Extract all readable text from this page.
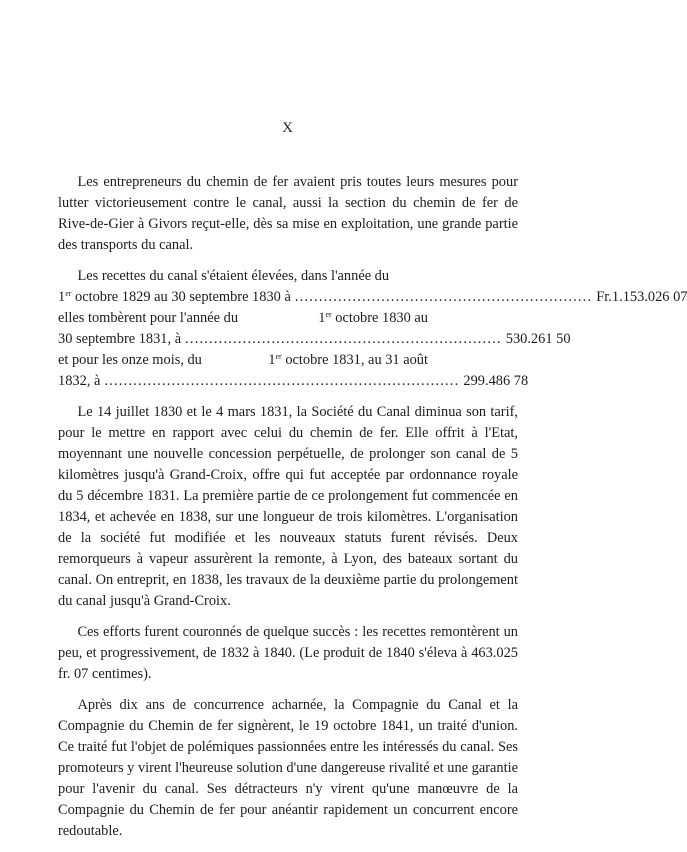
X

Les entrepreneurs du chemin de fer avaient pris toutes leurs mesures pour lutter victorieusement contre le canal, aussi la section du chemin de fer de Rive-de-Gier à Givors reçut-elle, dès sa mise en exploitation, une grande partie des transports du canal.

Les recettes du canal s'étaient élevées, dans l'année du
1er octobre 1829 au 30 septembre 1830 à .............................................................. Fr. 1.153.026 07
elles tombèrent pour l'année du	1er octobre 1830 au
30 septembre 1831, à .................................................................. 530.261 50
et pour les onze mois, du	1er octobre 1831, au 31 août
1832, à .......................................................................... 299.486 78

Le 14 juillet 1830 et le 4 mars 1831, la Société du Canal diminua son tarif, pour le mettre en rapport avec celui du chemin de fer. Elle offrit à l'Etat, moyennant une nouvelle concession perpétuelle, de prolonger son canal de 5 kilomètres jusqu'à Grand-Croix, offre qui fut acceptée par ordonnance royale du 5 décembre 1831. La première partie de ce prolongement fut commencée en 1834, et achevée en 1838, sur une longueur de trois kilomètres. L'organisation de la société fut modifiée et les nouveaux statuts furent révisés. Deux remorqueurs à vapeur assurèrent la remonte, à Lyon, des bateaux sortant du canal. On entreprit, en 1838, les travaux de la deuxième partie du prolongement du canal jusqu'à Grand-Croix.

Ces efforts furent couronnés de quelque succès : les recettes remontèrent un peu, et progressivement, de 1832 à 1840. (Le produit de 1840 s'éleva à 463.025 fr. 07 centimes).

Après dix ans de concurrence acharnée, la Compagnie du Canal et la Compagnie du Chemin de fer signèrent, le 19 octobre 1841, un traité d'union. Ce traité fut l'objet de polémiques passionnées entre les intéressés du canal. Ses promoteurs y virent l'heureuse solution d'une dangereuse rivalité et une garantie pour l'avenir du canal. Ses détracteurs n'y virent qu'une manœuvre de la Compagnie du Chemin de fer pour anéantir rapidement un concurrent encore redoutable.
